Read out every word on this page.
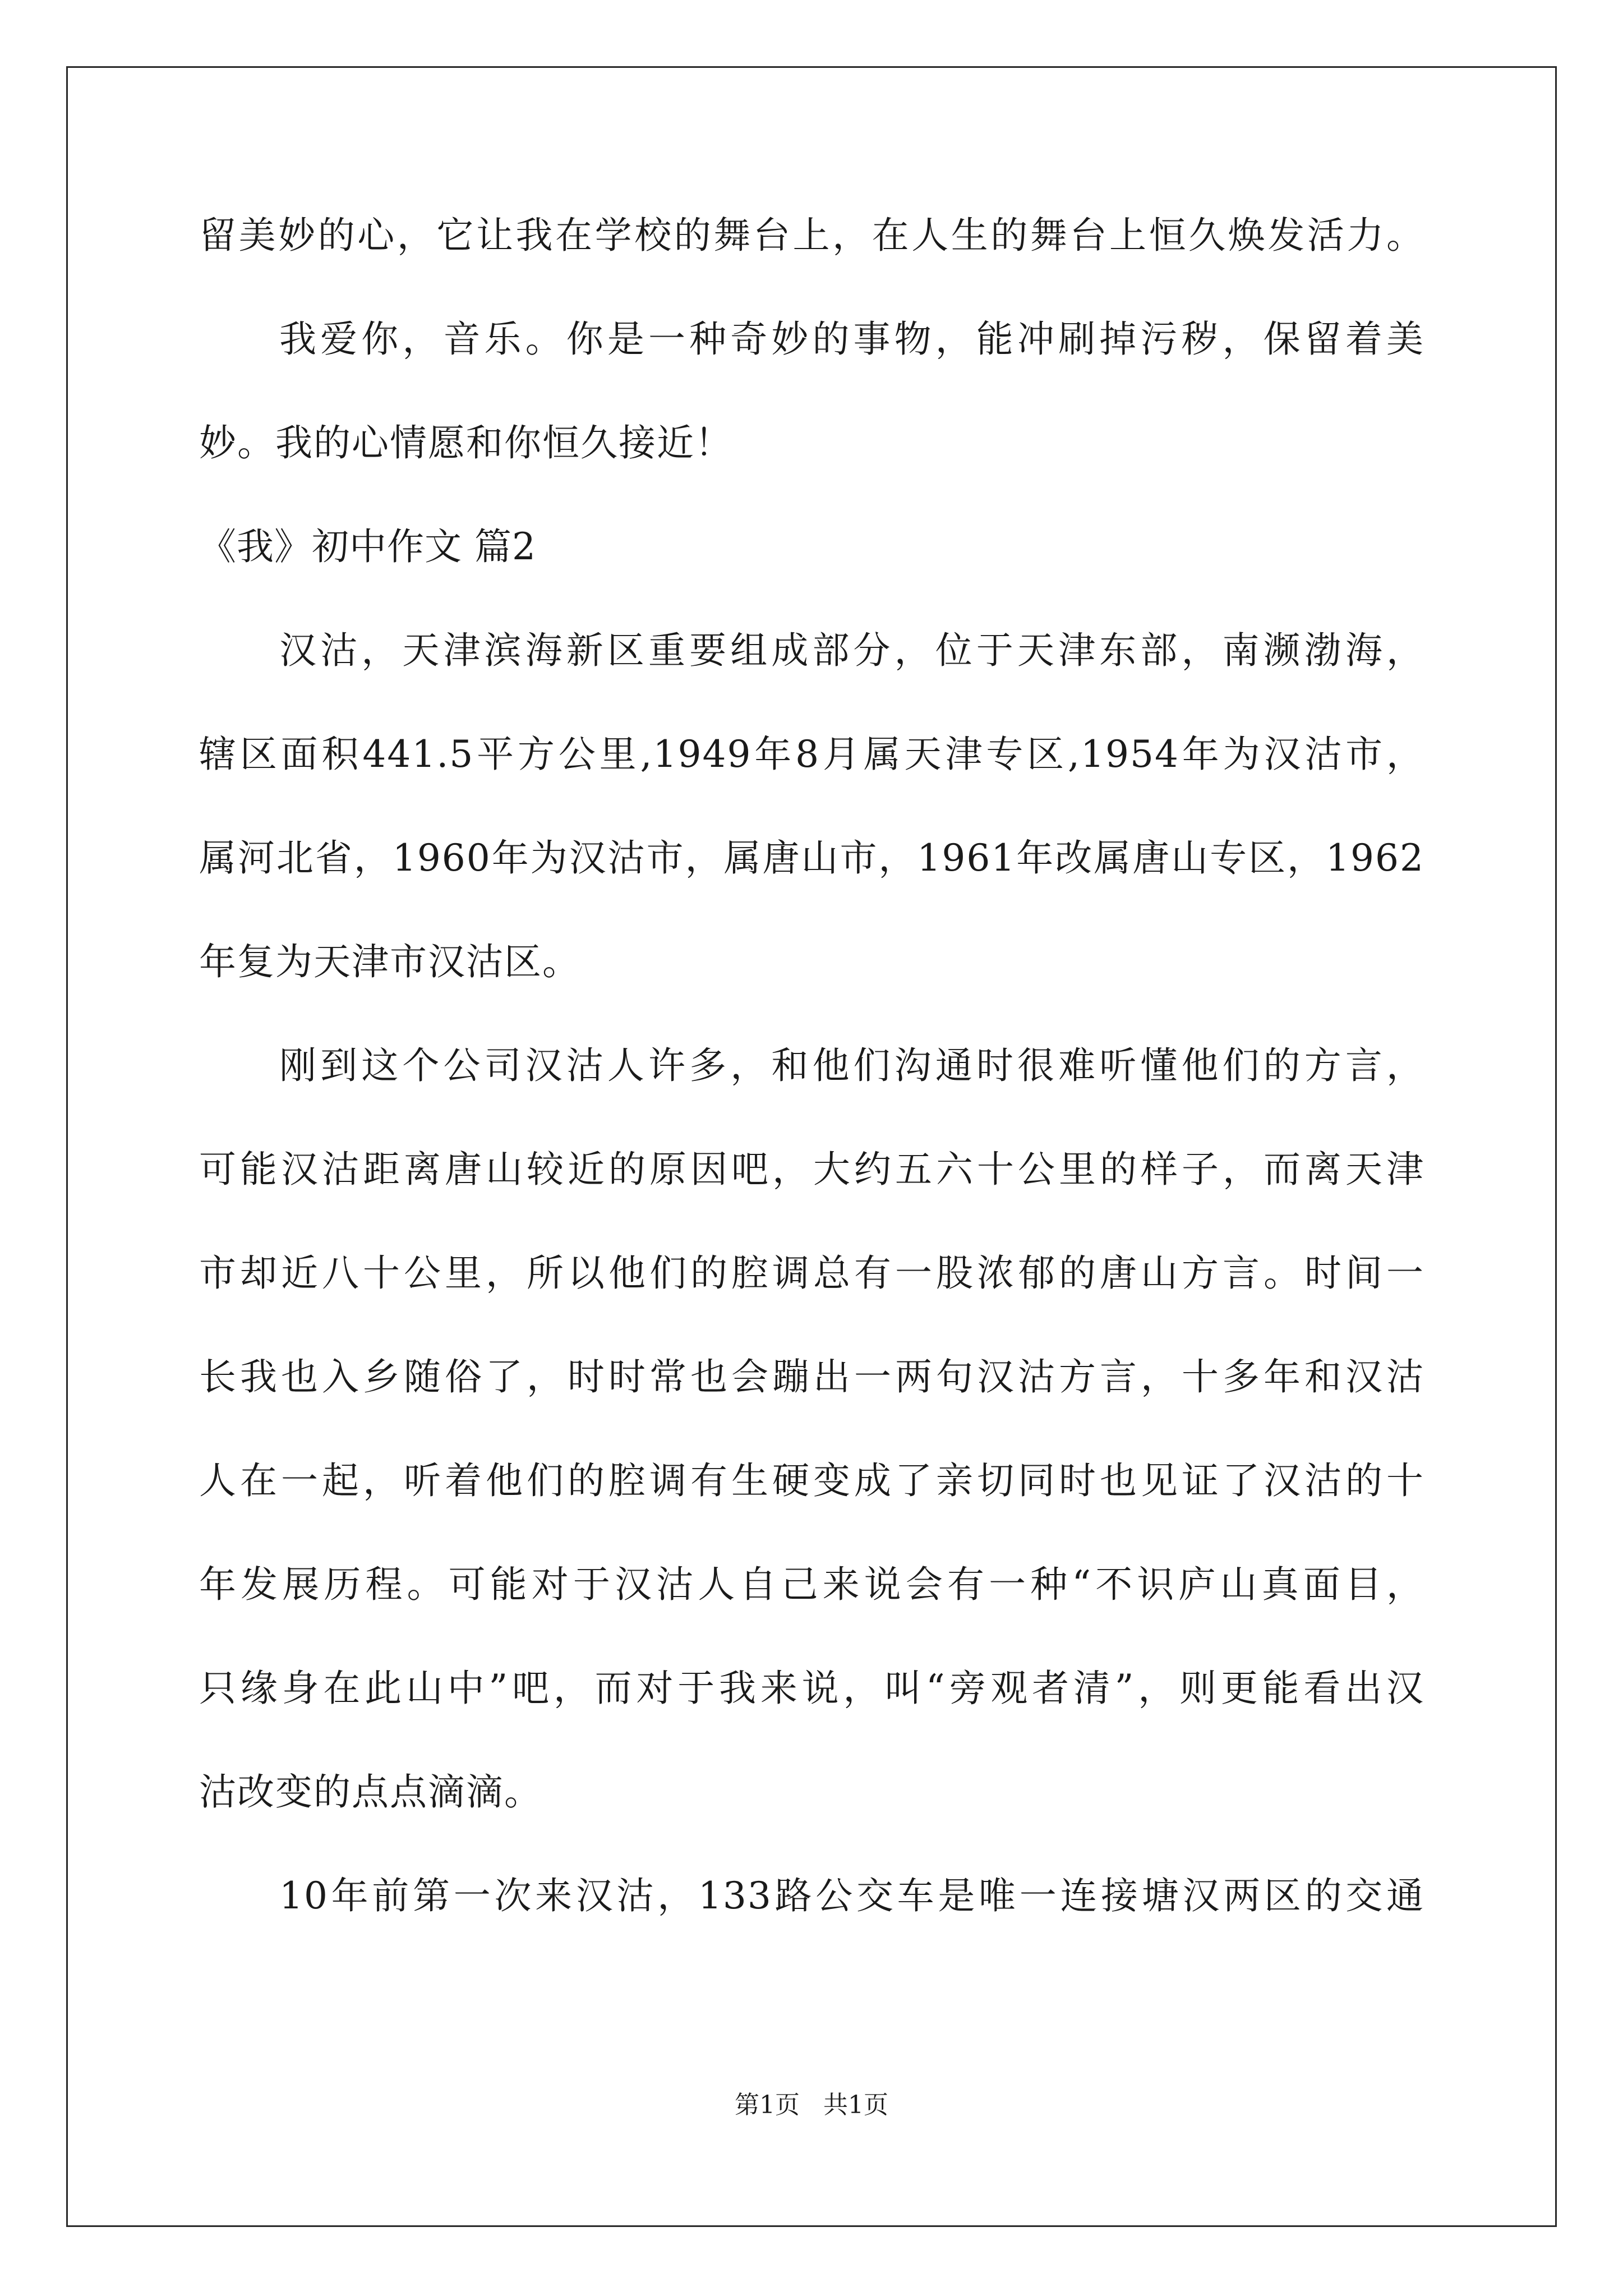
留美妙的心，它让我在学校的舞台上，在人生的舞台上恒久焕发活力。
我爱你，音乐。你是一种奇妙的事物，能冲刷掉污秽，保留着美
妙。我的心情愿和你恒久接近！
《我》初中作文 篇2
汉沽，天津滨海新区重要组成部分，位于天津东部，南濒渤海，
辖区面积441.5平方公里,1949年8月属天津专区,1954年为汉沽市，
属河北省，1960年为汉沽市，属唐山市，1961年改属唐山专区，1962
年复为天津市汉沽区。
刚到这个公司汉沽人许多，和他们沟通时很难听懂他们的方言，
可能汉沽距离唐山较近的原因吧，大约五六十公里的样子，而离天津
市却近八十公里，所以他们的腔调总有一股浓郁的唐山方言。时间一
长我也入乡随俗了，时时常也会蹦出一两句汉沽方言，十多年和汉沽
人在一起，听着他们的腔调有生硬变成了亲切同时也见证了汉沽的十
年发展历程。可能对于汉沽人自己来说会有一种“不识庐山真面目，
只缘身在此山中”吧，而对于我来说，叫“旁观者清”，则更能看出汉
沽改变的点点滴滴。
10年前第一次来汉沽，133路公交车是唯一连接塘汉两区的交通
第1页   共1页
